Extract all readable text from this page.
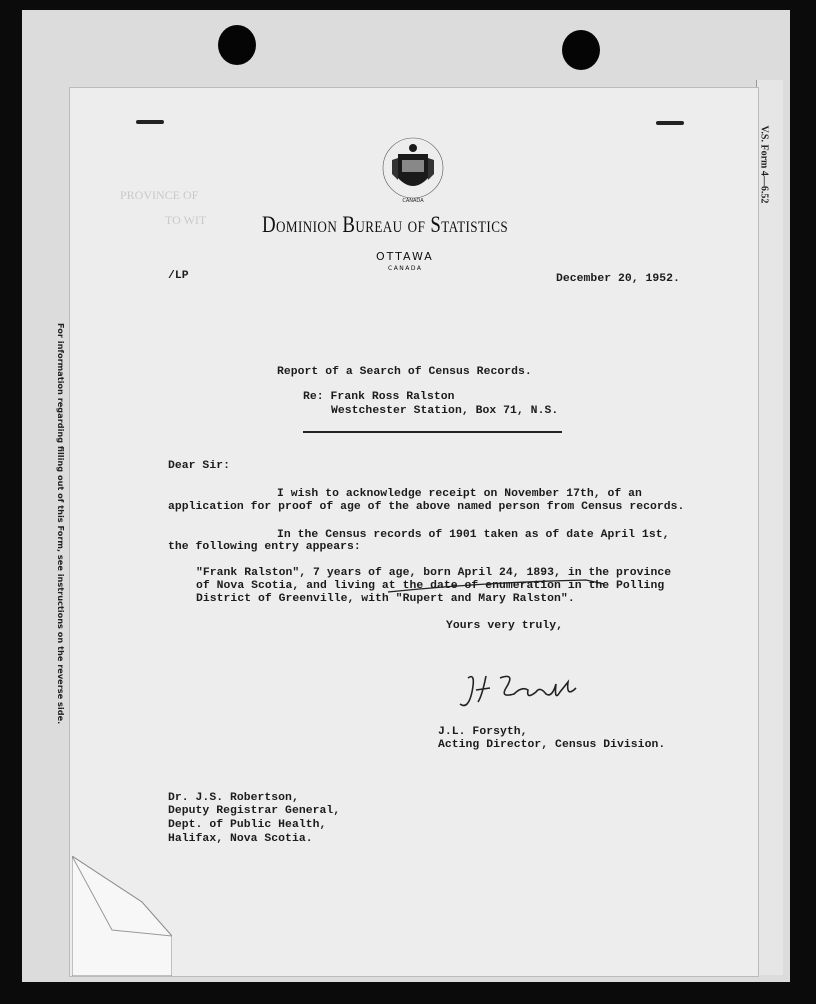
V.S. Form 4—6.52
For information regarding filling out of this Form, see instructions on the reverse side.
PROVINCE OF
TO WIT
CANADA
Dominion Bureau of Statistics
OTTAWA
CANADA
/LP	December 20, 1952.
Report of a Search of Census Records.
Re: Frank Ross Ralston
Westchester Station, Box 71, N.S.
Dear Sir:
I wish to acknowledge receipt on November 17th, of an
application for proof of age of the above named person from Census records.
In the Census records of 1901 taken as of date April 1st,
the following entry appears:
"Frank Ralston", 7 years of age, born April 24, 1893, in the province
of Nova Scotia, and living at the date of enumeration in the Polling
District of Greenville, with "Rupert and Mary Ralston".
Yours very truly,
J.L. Forsyth,
Acting Director, Census Division.
Dr. J.S. Robertson,
Deputy Registrar General,
Dept. of Public Health,
Halifax, Nova Scotia.
